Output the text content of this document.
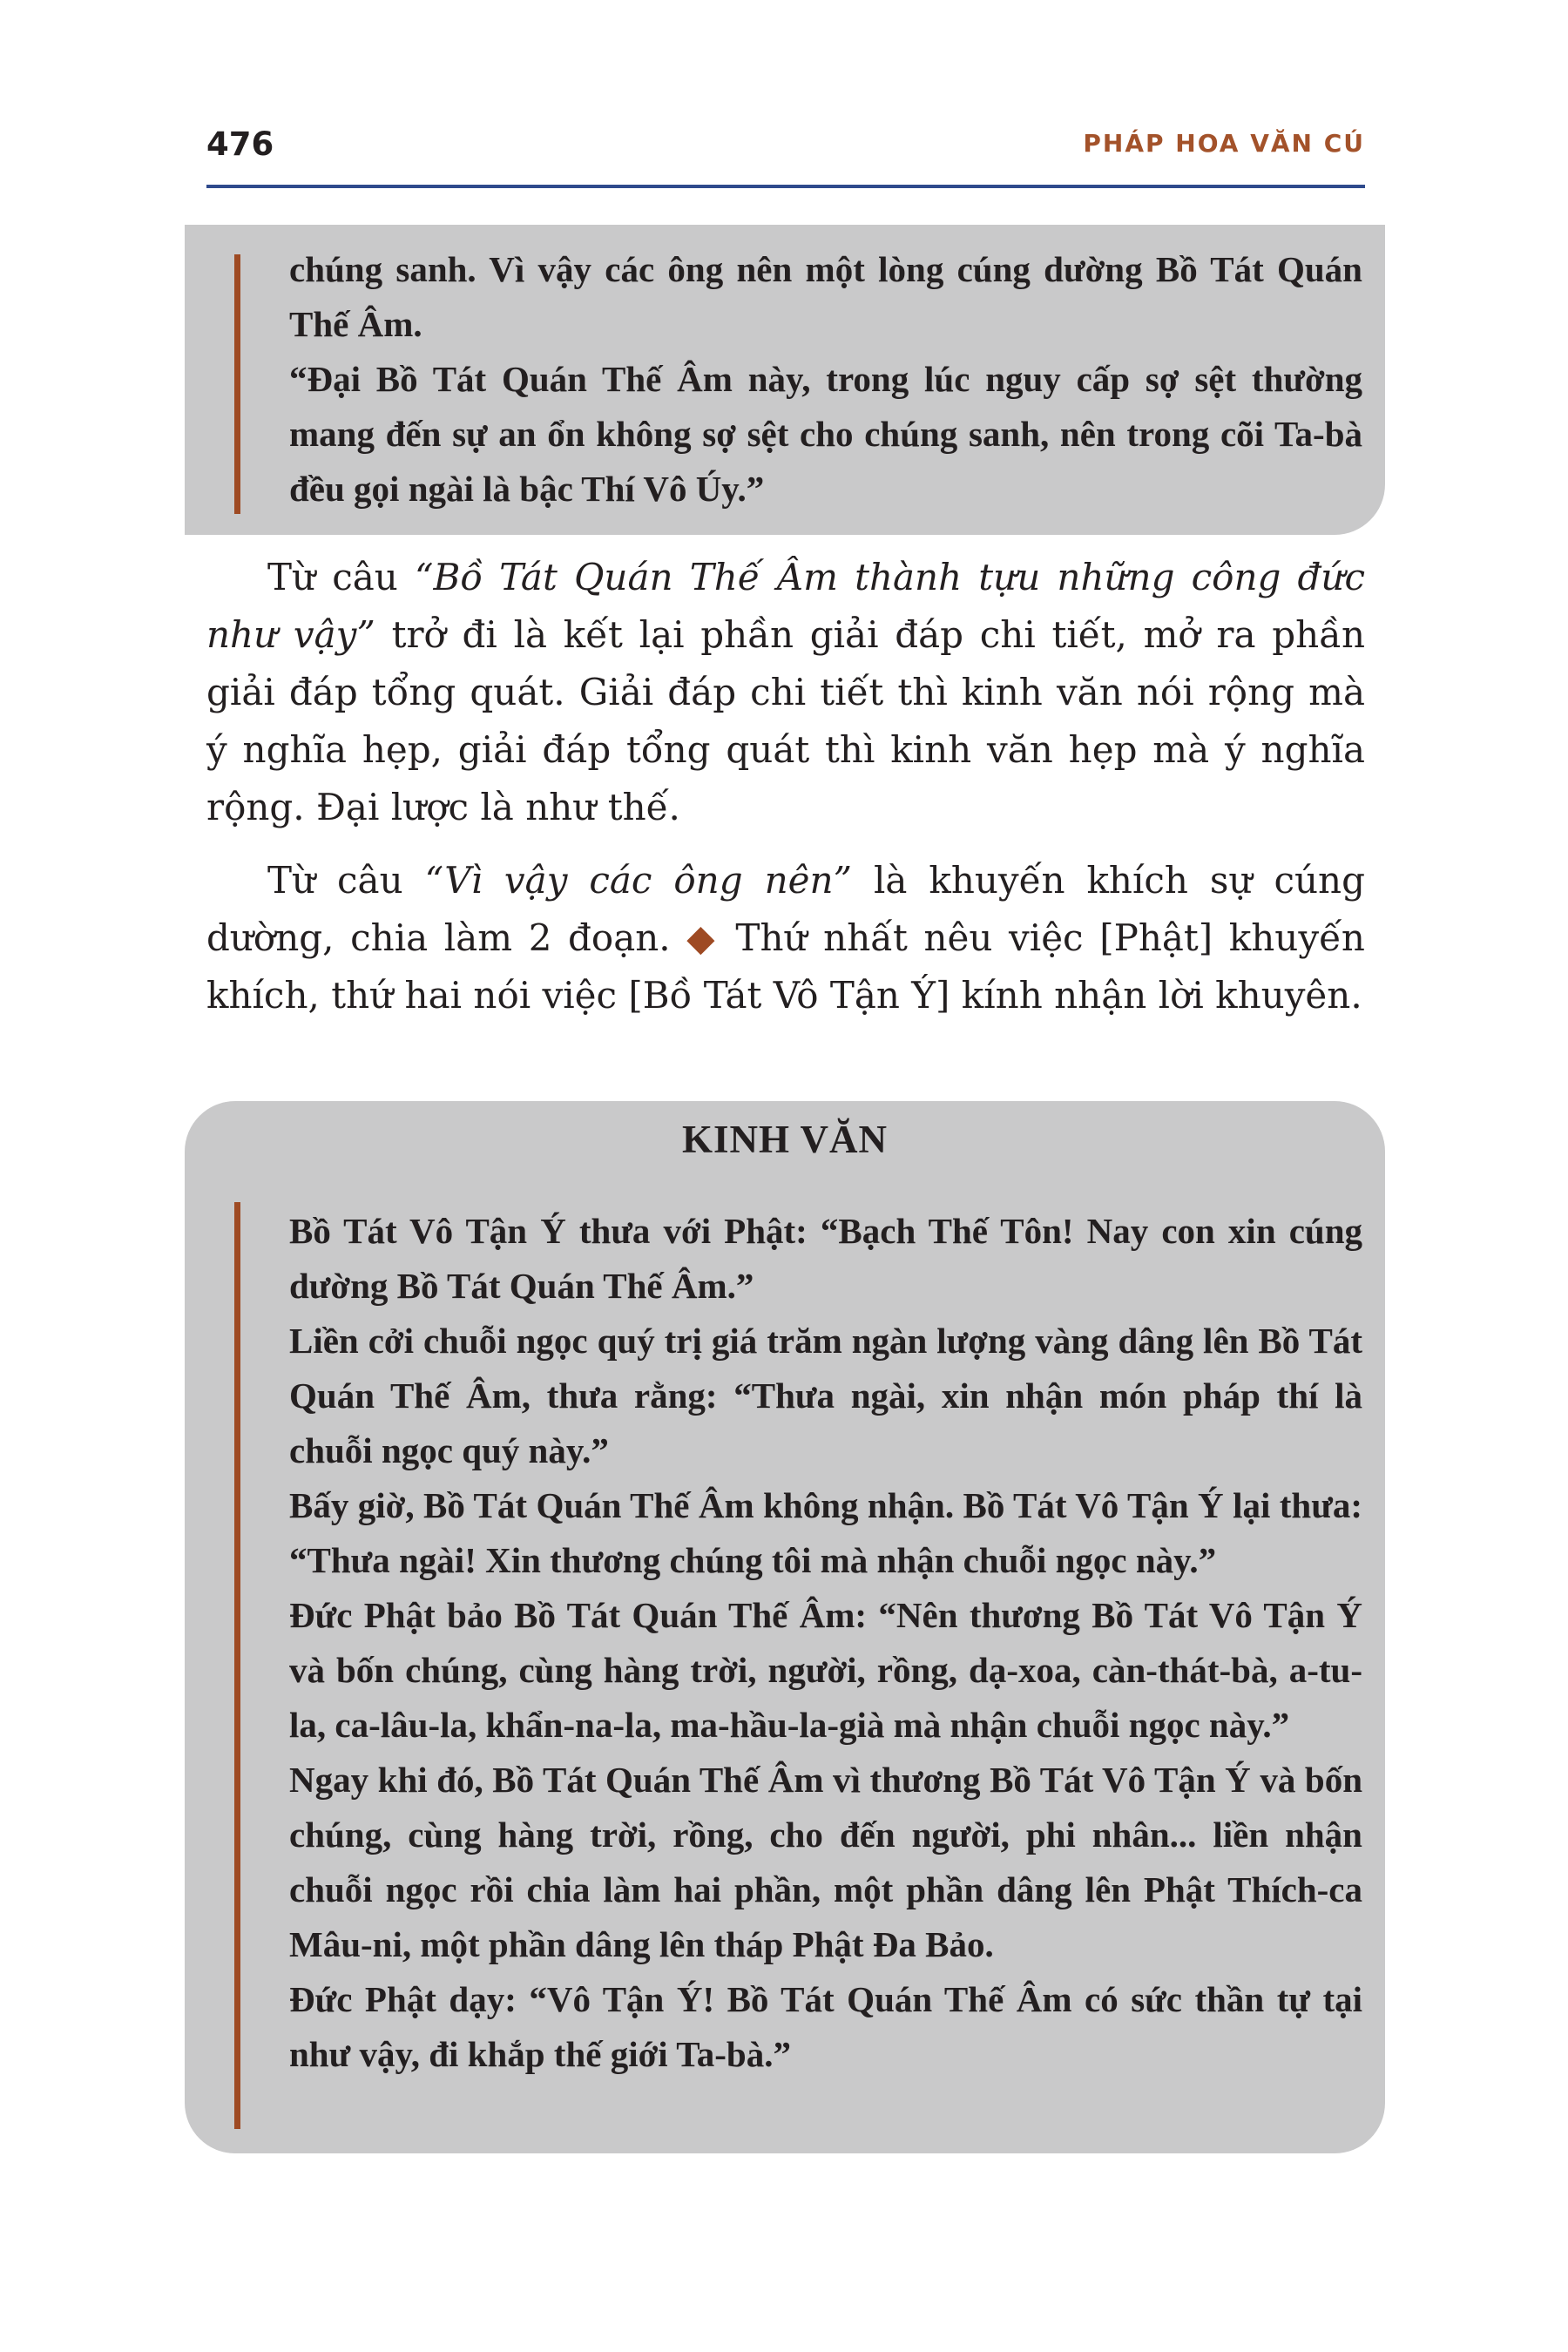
476	PHÁP HOA VĂN CÚ

chúng sanh. Vì vậy các ông nên một lòng cúng dường Bồ Tát Quán Thế Âm.

“Đại Bồ Tát Quán Thế Âm này, trong lúc nguy cấp sợ sệt thường mang đến sự an ổn không sợ sệt cho chúng sanh, nên trong cõi Ta-bà đều gọi ngài là bậc Thí Vô Úy.”

Từ câu “Bồ Tát Quán Thế Âm thành tựu những công đức như vậy” trở đi là kết lại phần giải đáp chi tiết, mở ra phần giải đáp tổng quát. Giải đáp chi tiết thì kinh văn nói rộng mà ý nghĩa hẹp, giải đáp tổng quát thì kinh văn hẹp mà ý nghĩa rộng. Đại lược là như thế.

Từ câu “Vì vậy các ông nên” là khuyến khích sự cúng dường, chia làm 2 đoạn. ◆ Thứ nhất nêu việc [Phật] khuyến khích, thứ hai nói việc [Bồ Tát Vô Tận Ý] kính nhận lời khuyên.

KINH VĂN

Bồ Tát Vô Tận Ý thưa với Phật: “Bạch Thế Tôn! Nay con xin cúng dường Bồ Tát Quán Thế Âm.”

Liền cởi chuỗi ngọc quý trị giá trăm ngàn lượng vàng dâng lên Bồ Tát Quán Thế Âm, thưa rằng: “Thưa ngài, xin nhận món pháp thí là chuỗi ngọc quý này.”

Bấy giờ, Bồ Tát Quán Thế Âm không nhận. Bồ Tát Vô Tận Ý lại thưa: “Thưa ngài! Xin thương chúng tôi mà nhận chuỗi ngọc này.”

Đức Phật bảo Bồ Tát Quán Thế Âm: “Nên thương Bồ Tát Vô Tận Ý và bốn chúng, cùng hàng trời, người, rồng, dạ-xoa, càn-thát-bà, a-tu-la, ca-lâu-la, khẩn-na-la, ma-hầu-la-già mà nhận chuỗi ngọc này.”

Ngay khi đó, Bồ Tát Quán Thế Âm vì thương Bồ Tát Vô Tận Ý và bốn chúng, cùng hàng trời, rồng, cho đến người, phi nhân... liền nhận chuỗi ngọc rồi chia làm hai phần, một phần dâng lên Phật Thích-ca Mâu-ni, một phần dâng lên tháp Phật Đa Bảo.

Đức Phật dạy: “Vô Tận Ý! Bồ Tát Quán Thế Âm có sức thần tự tại như vậy, đi khắp thế giới Ta-bà.”
